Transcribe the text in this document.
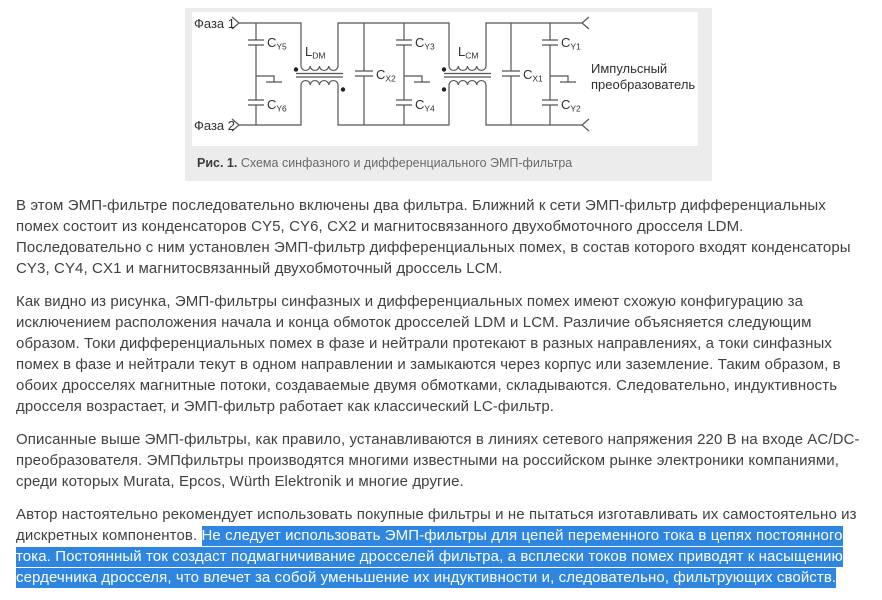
Фаза 1
Фаза 2
LDM	LCM
CY5
CY6
CY3
CY4
CY1
CY2
CX2	CX1
Импульсный
преобразователь
Рис. 1. Схема синфазного и дифференциального ЭМП-фильтра

В этом ЭМП-фильтре последовательно включены два фильтра. Ближний к сети ЭМП-фильтр дифференциальных помех состоит из конденсаторов CY5, CY6, CX2 и магнитосвязанного двухобмоточного дросселя LDM. Последовательно с ним установлен ЭМП-фильтр дифференциальных помех, в состав которого входят конденсаторы CY3, CY4, CX1 и магнитосвязанный двухобмоточный дроссель LCM.

Как видно из рисунка, ЭМП-фильтры синфазных и дифференциальных помех имеют схожую конфигурацию за исключением расположения начала и конца обмоток дросселей LDM и LCM. Различие объясняется следующим образом. Токи дифференциальных помех в фазе и нейтрали протекают в разных направлениях, а токи синфазных помех в фазе и нейтрали текут в одном направлении и замыкаются через корпус или заземление. Таким образом, в обоих дросселях магнитные потоки, создаваемые двумя обмотками, складываются. Следовательно, индуктивность дросселя возрастает, и ЭМП-фильтр работает как классический LC-фильтр.

Описанные выше ЭМП-фильтры, как правило, устанавливаются в линиях сетевого напряжения 220 В на входе AC/DC-преобразователя. ЭМПфильтры производятся многими известными на российском рынке электроники компаниями, среди которых Murata, Epcos, Würth Elektronik и многие другие.

Автор настоятельно рекомендует использовать покупные фильтры и не пытаться изготавливать их самостоятельно из дискретных компонентов. Не следует использовать ЭМП-фильтры для цепей переменного тока в цепях постоянного тока. Постоянный ток создаст подмагничивание дросселей фильтра, а всплески токов помех приводят к насыщению сердечника дросселя, что влечет за собой уменьшение их индуктивности и, следовательно, фильтрующих свойств.
